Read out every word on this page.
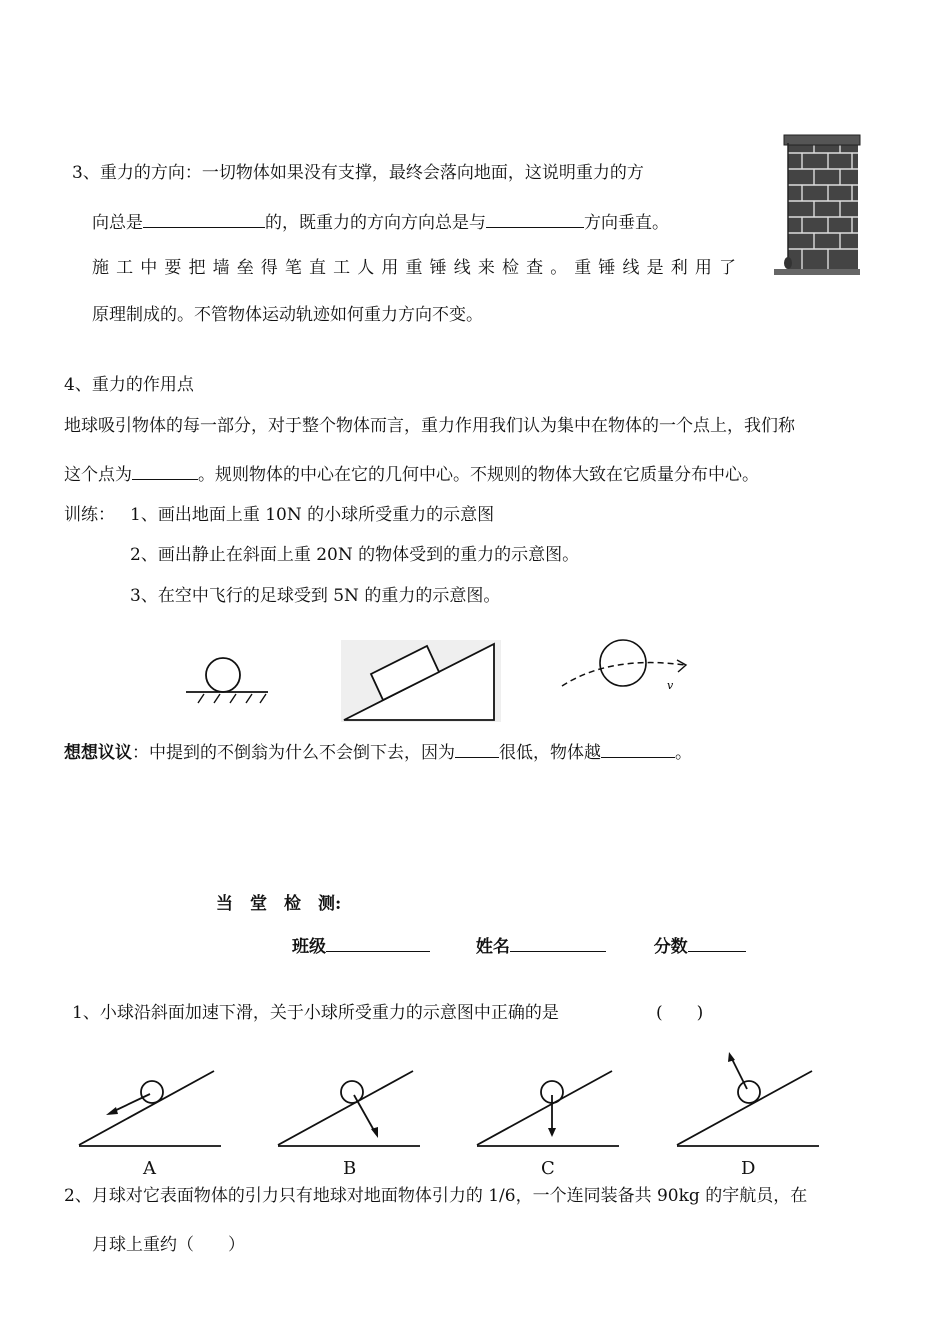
3、重力的方向：一切物体如果没有支撑，最终会落向地面，这说明重力的方
向总是	的，既重力的方向方向总是与	方向垂直。
施工中要把墙垒得笔直工人用重锤线来检查。重锤线是利用了
原理制成的。不管物体运动轨迹如何重力方向不变。
4、重力的作用点
地球吸引物体的每一部分，对于整个物体而言，重力作用我们认为集中在物体的一个点上，我们称
这个点为	。规则物体的中心在它的几何中心。不规则的物体大致在它质量分布中心。
训练： 1、画出地面上重 10N 的小球所受重力的示意图
2、画出静止在斜面上重 20N 的物体受到的重力的示意图。
3、在空中飞行的足球受到 5N 的重力的示意图。
v
想想议议：中提到的不倒翁为什么不会倒下去，因为	很低，物体越	。
当　堂　检　测:
班级	姓名	分数
1、小球沿斜面加速下滑，关于小球所受重力的示意图中正确的是	(　　)
A	B	C	D
2、月球对它表面物体的引力只有地球对地面物体引力的 1/6，一个连同装备共 90kg 的宇航员，在
月球上重约（　　）
